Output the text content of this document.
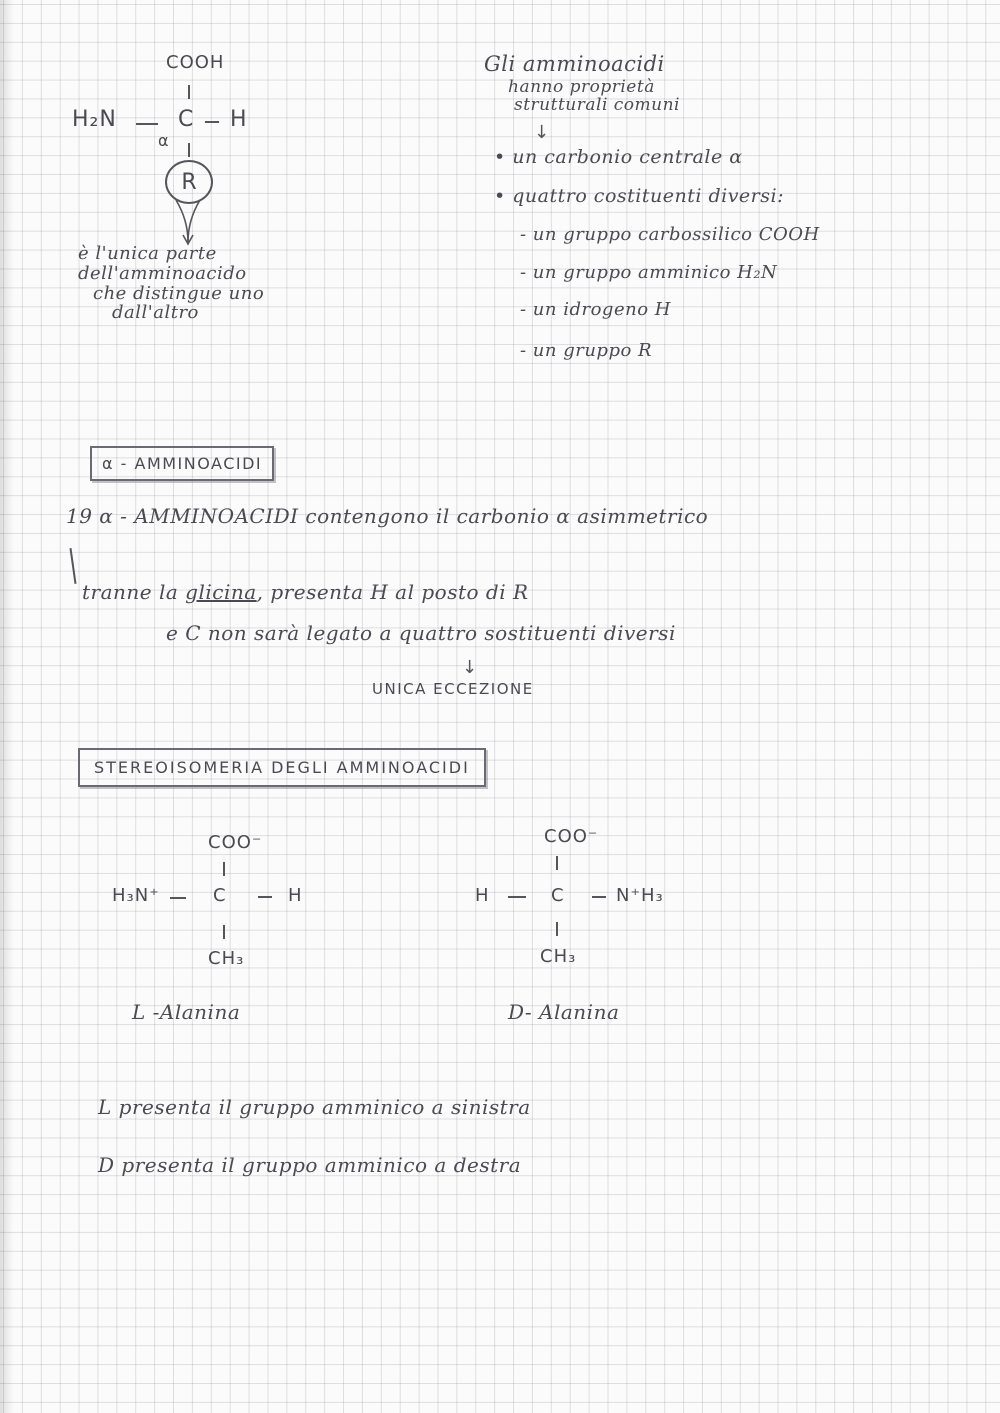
COOH
H₂N	C H
α
R
è l'unica parte
dell'amminoacido
che distingue uno
dall'altro
Gli amminoacidi
hanno proprietà
strutturali comuni
↓
• un carbonio centrale α
• quattro costituenti diversi:
- un gruppo carbossilico COOH
- un gruppo amminico H₂N
- un idrogeno H
- un gruppo R
α - AMMINOACIDI
19 α - AMMINOACIDI contengono il carbonio α asimmetrico
tranne la glicina, presenta H al posto di R
e C non sarà legato a quattro sostituenti diversi
↓
UNICA ECCEZIONE
STEREOISOMERIA DEGLI AMMINOACIDI
COO⁻
H₃N⁺	C	H
CH₃
L -Alanina
COO⁻
H	C	N⁺H₃
CH₃
D- Alanina
L presenta il gruppo amminico a sinistra
D presenta il gruppo amminico a destra
